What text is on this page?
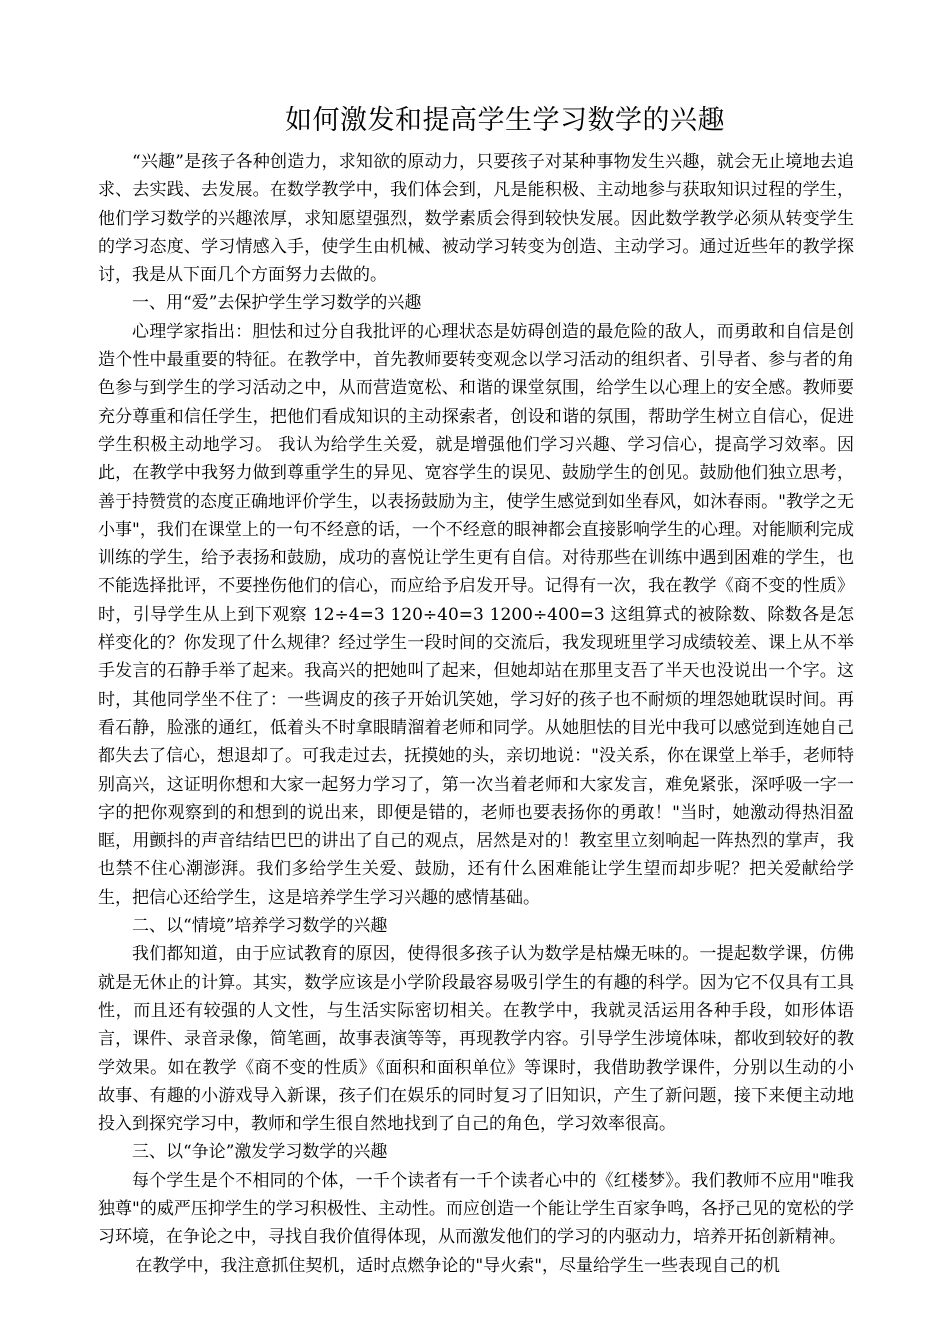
如何激发和提高学生学习数学的兴趣

“兴趣”是孩子各种创造力，求知欲的原动力，只要孩子对某种事物发生兴趣，就会无止境地去追求、去实践、去发展。在数学教学中，我们体会到，凡是能积极、主动地参与获取知识过程的学生，他们学习数学的兴趣浓厚，求知愿望强烈，数学素质会得到较快发展。因此数学教学必须从转变学生的学习态度、学习情感入手，使学生由机械、被动学习转变为创造、主动学习。通过近些年的教学探讨，我是从下面几个方面努力去做的。

一、用“爱”去保护学生学习数学的兴趣

心理学家指出：胆怯和过分自我批评的心理状态是妨碍创造的最危险的敌人，而勇敢和自信是创造个性中最重要的特征。在教学中，首先教师要转变观念以学习活动的组织者、引导者、参与者的角色参与到学生的学习活动之中，从而营造宽松、和谐的课堂氛围，给学生以心理上的安全感。教师要充分尊重和信任学生，把他们看成知识的主动探索者，创设和谐的氛围，帮助学生树立自信心，促进学生积极主动地学习。 我认为给学生关爱，就是增强他们学习兴趣、学习信心，提高学习效率。因此，在教学中我努力做到尊重学生的异见、宽容学生的误见、鼓励学生的创见。鼓励他们独立思考，善于持赞赏的态度正确地评价学生，以表扬鼓励为主，使学生感觉到如坐春风，如沐春雨。"教学之无小事"，我们在课堂上的一句不经意的话，一个不经意的眼神都会直接影响学生的心理。对能顺利完成训练的学生，给予表扬和鼓励，成功的喜悦让学生更有自信。对待那些在训练中遇到困难的学生，也不能选择批评，不要挫伤他们的信心，而应给予启发开导。记得有一次，我在教学《商不变的性质》时，引导学生从上到下观察 12÷4=3 120÷40=3 1200÷400=3 这组算式的被除数、除数各是怎样变化的？你发现了什么规律？经过学生一段时间的交流后，我发现班里学习成绩较差、课上从不举手发言的石静手举了起来。我高兴的把她叫了起来，但她却站在那里支吾了半天也没说出一个字。这时，其他同学坐不住了：一些调皮的孩子开始讥笑她，学习好的孩子也不耐烦的埋怨她耽误时间。再看石静，脸涨的通红，低着头不时拿眼睛溜着老师和同学。从她胆怯的目光中我可以感觉到连她自己都失去了信心，想退却了。可我走过去，抚摸她的头，亲切地说："没关系，你在课堂上举手，老师特别高兴，这证明你想和大家一起努力学习了，第一次当着老师和大家发言，难免紧张，深呼吸一字一字的把你观察到的和想到的说出来，即便是错的，老师也要表扬你的勇敢！"当时，她激动得热泪盈眶，用颤抖的声音结结巴巴的讲出了自己的观点，居然是对的！教室里立刻响起一阵热烈的掌声，我也禁不住心潮澎湃。我们多给学生关爱、鼓励，还有什么困难能让学生望而却步呢？把关爱献给学生，把信心还给学生，这是培养学生学习兴趣的感情基础。

二、以“情境”培养学习数学的兴趣

我们都知道，由于应试教育的原因，使得很多孩子认为数学是枯燥无味的。一提起数学课，仿佛就是无休止的计算。其实，数学应该是小学阶段最容易吸引学生的有趣的科学。因为它不仅具有工具性，而且还有较强的人文性，与生活实际密切相关。在教学中，我就灵活运用各种手段，如形体语言，课件、录音录像，简笔画，故事表演等等，再现教学内容。引导学生涉境体味，都收到较好的教学效果。如在教学《商不变的性质》《面积和面积单位》等课时，我借助教学课件，分别以生动的小故事、有趣的小游戏导入新课，孩子们在娱乐的同时复习了旧知识，产生了新问题，接下来便主动地投入到探究学习中，教师和学生很自然地找到了自己的角色，学习效率很高。

三、以“争论”激发学习数学的兴趣

每个学生是个不相同的个体，一千个读者有一千个读者心中的《红楼梦》。我们教师不应用"唯我独尊"的威严压抑学生的学习积极性、主动性。而应创造一个能让学生百家争鸣，各抒己见的宽松的学习环境，在争论之中，寻找自我价值得体现，从而激发他们的学习的内驱动力，培养开拓创新精神。

在教学中，我注意抓住契机，适时点燃争论的"导火索"，尽量给学生一些表现自己的机
